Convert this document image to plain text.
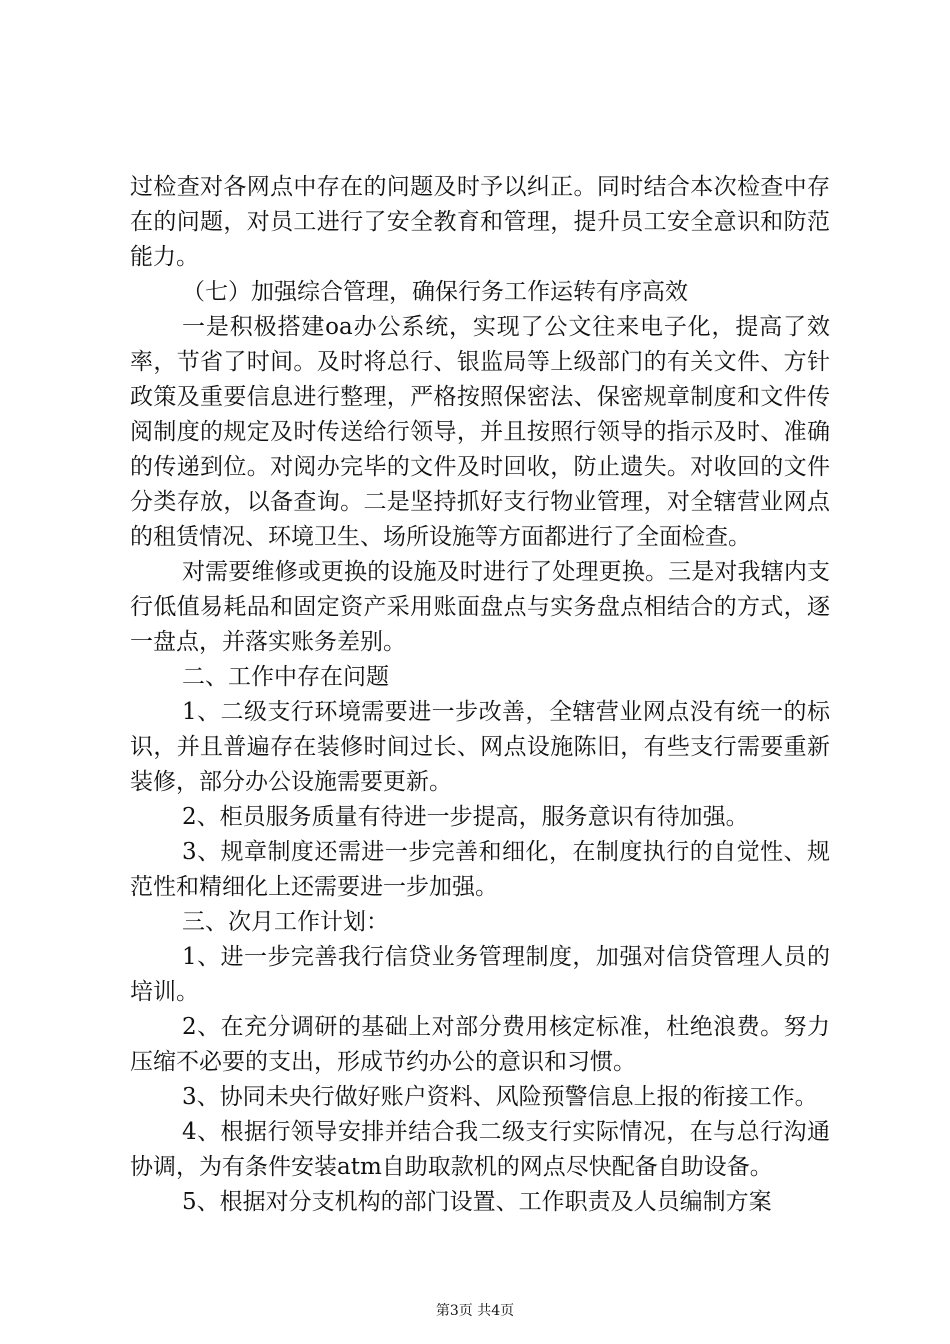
过检查对各网点中存在的问题及时予以纠正。同时结合本次检查中存在的问题，对员工进行了安全教育和管理，提升员工安全意识和防范能力。

（七）加强综合管理，确保行务工作运转有序高效

一是积极搭建oa办公系统，实现了公文往来电子化，提高了效率，节省了时间。及时将总行、银监局等上级部门的有关文件、方针政策及重要信息进行整理，严格按照保密法、保密规章制度和文件传阅制度的规定及时传送给行领导，并且按照行领导的指示及时、准确的传递到位。对阅办完毕的文件及时回收，防止遗失。对收回的文件分类存放，以备查询。二是坚持抓好支行物业管理，对全辖营业网点的租赁情况、环境卫生、场所设施等方面都进行了全面检查。

对需要维修或更换的设施及时进行了处理更换。三是对我辖内支行低值易耗品和固定资产采用账面盘点与实务盘点相结合的方式，逐一盘点，并落实账务差别。

二、工作中存在问题

1、二级支行环境需要进一步改善，全辖营业网点没有统一的标识，并且普遍存在装修时间过长、网点设施陈旧，有些支行需要重新装修，部分办公设施需要更新。

2、柜员服务质量有待进一步提高，服务意识有待加强。

3、规章制度还需进一步完善和细化，在制度执行的自觉性、规范性和精细化上还需要进一步加强。

三、次月工作计划：

1、进一步完善我行信贷业务管理制度，加强对信贷管理人员的培训。

2、在充分调研的基础上对部分费用核定标准，杜绝浪费。努力压缩不必要的支出，形成节约办公的意识和习惯。

3、协同未央行做好账户资料、风险预警信息上报的衔接工作。

4、根据行领导安排并结合我二级支行实际情况，在与总行沟通协调，为有条件安装atm自助取款机的网点尽快配备自助设备。

5、根据对分支机构的部门设置、工作职责及人员编制方案

第3页 共4页
